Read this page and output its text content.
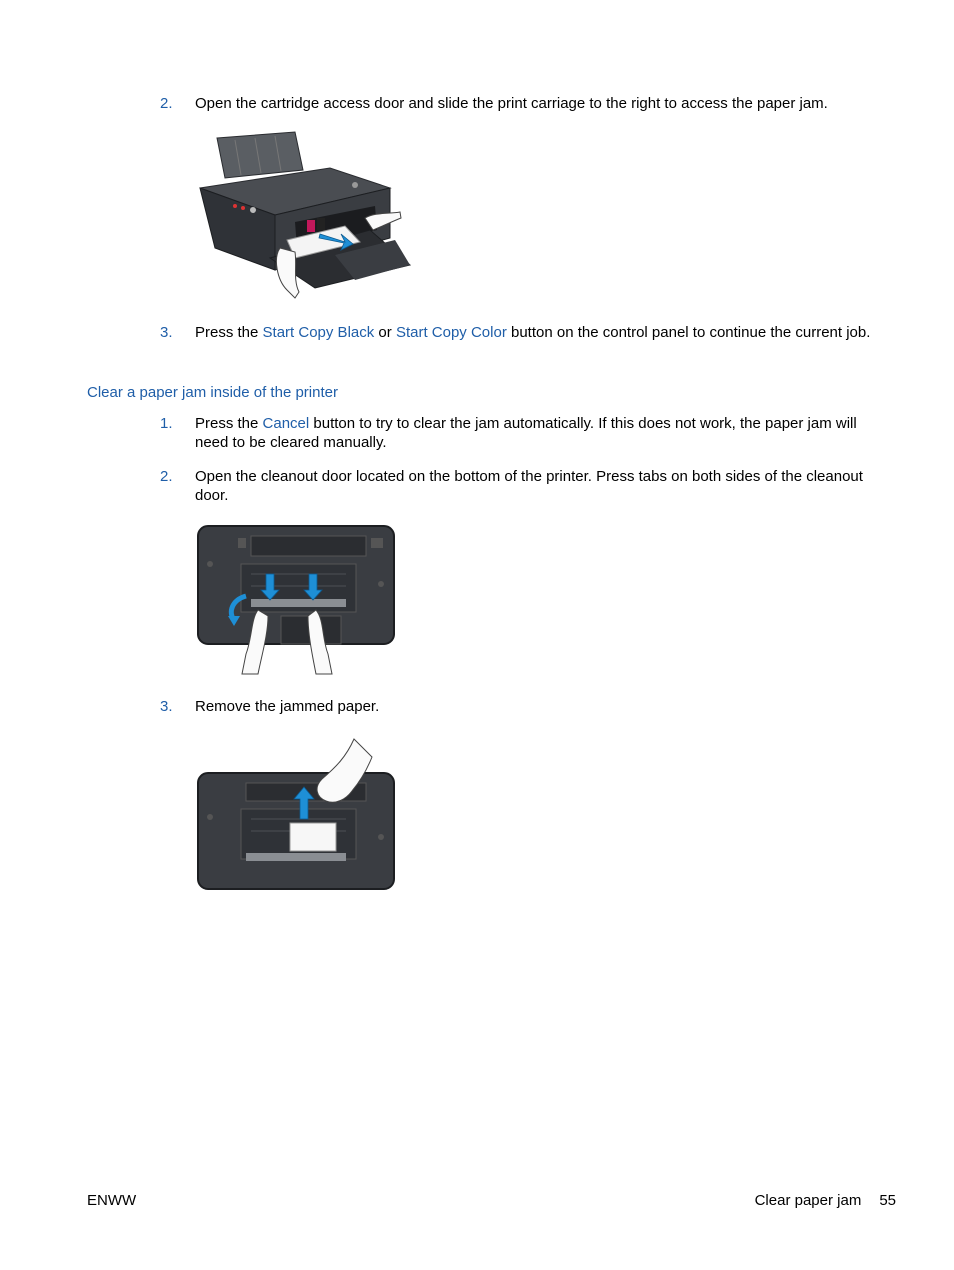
2. Open the cartridge access door and slide the print carriage to the right to access the paper jam.
3. Press the Start Copy Black or Start Copy Color button on the control panel to continue the current job.
Clear a paper jam inside of the printer
1. Press the Cancel button to try to clear the jam automatically. If this does not work, the paper jam will need to be cleared manually.
2. Open the cleanout door located on the bottom of the printer. Press tabs on both sides of the cleanout door.
3. Remove the jammed paper.
ENWW	Clear paper jam 55
